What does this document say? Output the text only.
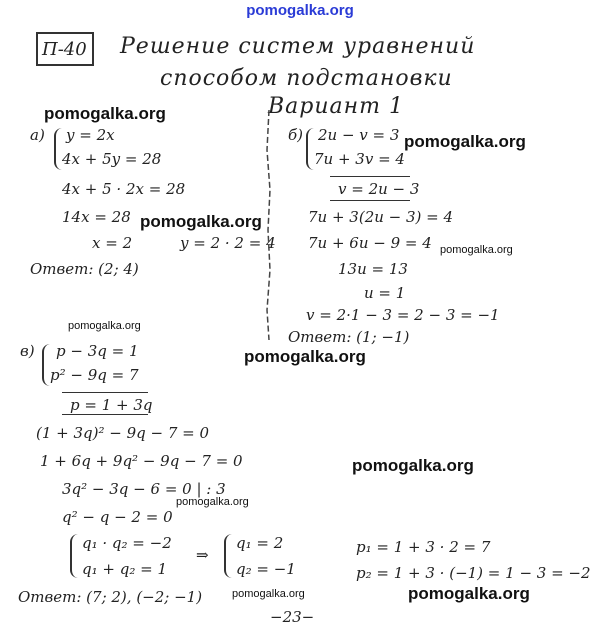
pomogalka.org
П-40 Решение систем уравнений
способом подстановки
Вариант 1
а) y = 2x
4x + 5y = 28
4x + 5 · 2x = 28
14x = 28
x = 2	y = 2 · 2 = 4
Ответ: (2; 4)
б) 2u − v = 3
7u + 3v = 4
v = 2u − 3
7u + 3(2u − 3) = 4
7u + 6u − 9 = 4
13u = 13
u = 1
v = 2·1 − 3 = 2 − 3 = −1
Ответ: (1; −1)
в) p − 3q = 1
p² − 9q = 7
p = 1 + 3q
(1 + 3q)² − 9q − 7 = 0
1 + 6q + 9q² − 9q − 7 = 0
3q² − 3q − 6 = 0 | : 3
q² − q − 2 = 0
q₁ · q₂ = −2
q₁ + q₂ = 1
⇒
q₁ = 2
q₂ = −1
p₁ = 1 + 3 · 2 = 7
p₂ = 1 + 3 · (−1) = 1 − 3 = −2
Ответ: (7; 2), (−2; −1)
−23−
pomogalka.org
pomogalka.org
pomogalka.org
pomogalka.org
pomogalka.org
pomogalka.org
pomogalka.org
pomogalka.org
pomogalka.org	pomogalka.org
